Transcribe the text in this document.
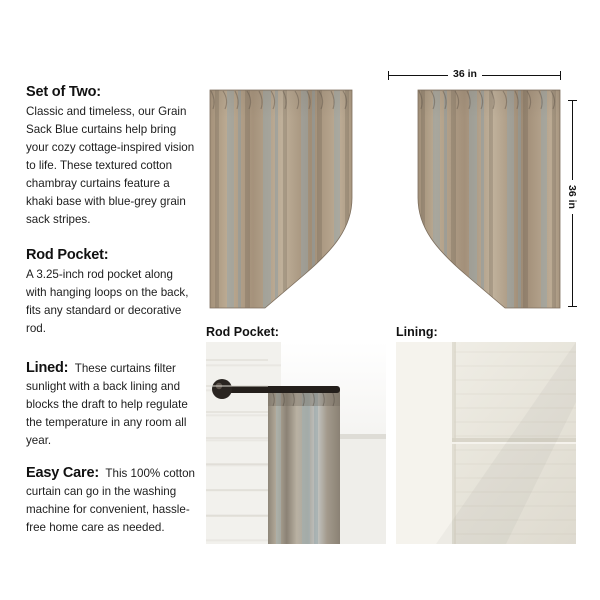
Set of Two:
Classic and timeless, our Grain Sack Blue curtains help bring your cozy cottage-inspired vision to life. These textured cotton chambray curtains feature a khaki base with blue-grey grain sack stripes.
Rod Pocket:
A 3.25-inch rod pocket along with hanging loops on the back, fits any standard or decorative rod.
Lined: These curtains filter sunlight with a back lining and blocks the draft to help regulate the temperature in any room all year.
Easy Care: This 100% cotton curtain can go in the washing machine for convenient, hassle-free home care as needed.
36 in
36 in
Rod Pocket:	Lining:
